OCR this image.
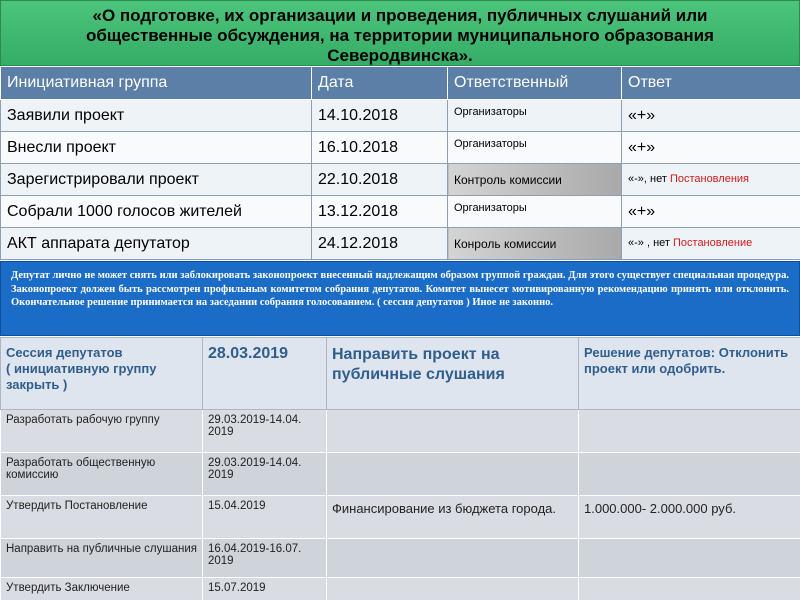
«О подготовке, их организации и проведения, публичных слушаний или общественные обсуждения, на территории муниципального образования Северодвинска».
Инициативная группа	Дата	Ответственный	Ответ
Заявили проект	14.10.2018	Организаторы	«+»
Внесли проект	16.10.2018	Организаторы	«+»
Зарегистрировали проект	22.10.2018	Контроль комиссии	«-», нет Постановления
Собрали 1000 голосов жителей	13.12.2018	Организаторы	«+»
АКТ аппарата депутатор	24.12.2018	Конроль комиссии	«-» , нет Постановление
Депутат лично не может снять или заблокировать законопроект внесенный надлежащим образом группой граждан. Для этого существует специальная процедура. Законопроект должен быть рассмотрен профильным комитетом собрания депутатов. Комитет вынесет мотивированную рекомендацию принять или отклонить. Окончательное решение принимается на заседании собрания голосованием. ( сессия депутатов ) Иное не законно.
Сессия депутатов
( инициативную группу закрыть )	28.03.2019	Направить проект на публичные слушания	Решение депутатов: Отклонить проект или одобрить.
Разработать рабочую группу	29.03.2019-14.04. 2019		
Разработать общественную комиссию	29.03.2019-14.04. 2019		
Утвердить Постановление	15.04.2019	Финансирование из бюджета города.	1.000.000- 2.000.000 руб.
Направить на публичные слушания	16.04.2019-16.07. 2019		
Утвердить Заключение	15.07.2019		
